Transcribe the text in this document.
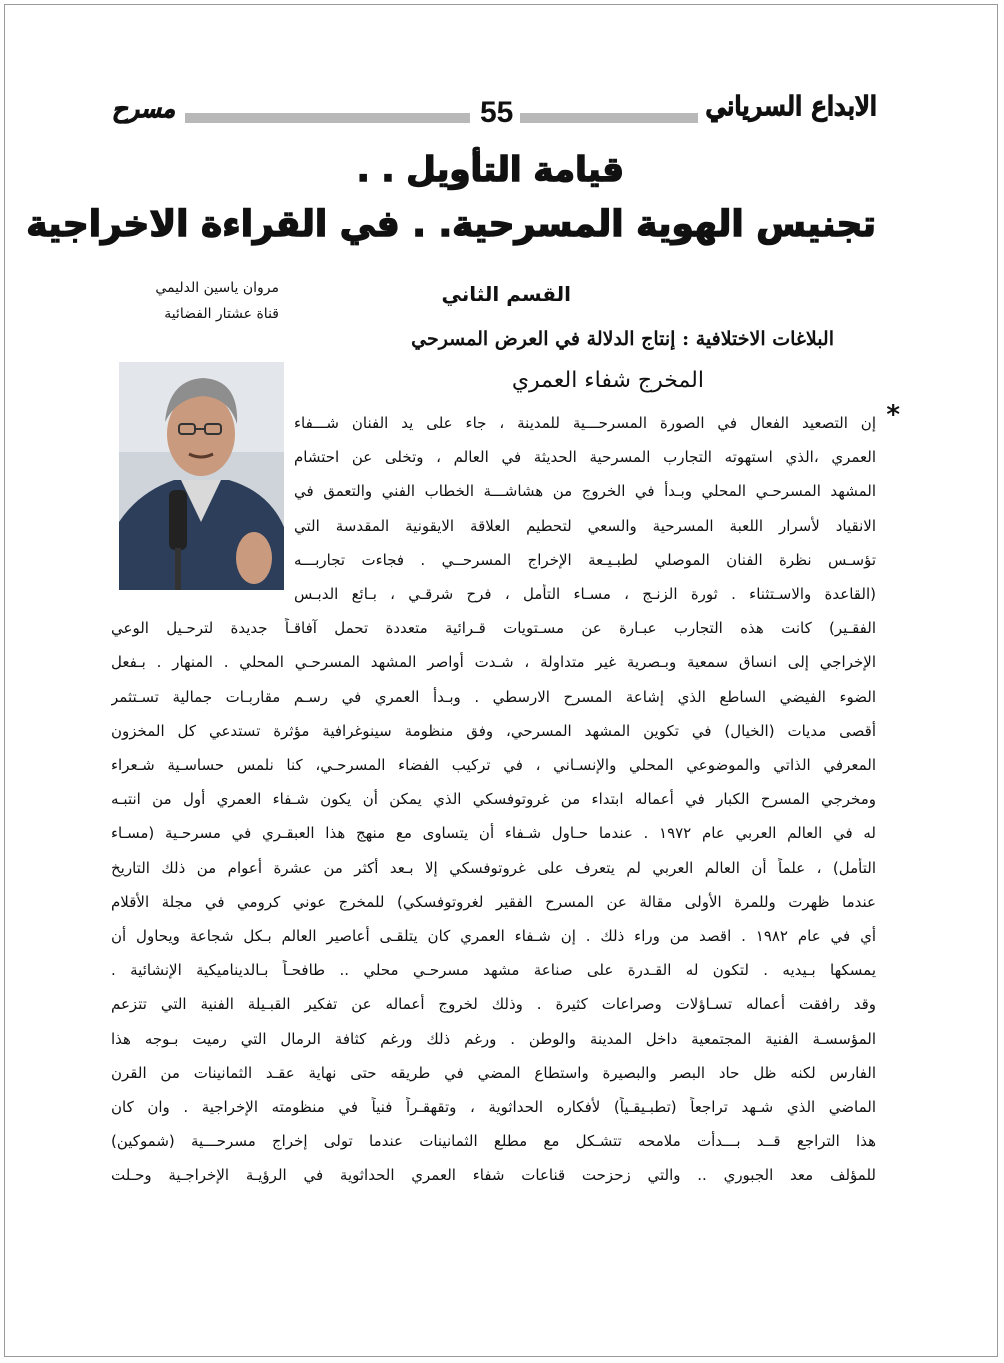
الابداع السرياني
55
مسرح
قيامة التأويل . .
تجنيس الهوية المسرحية. . في القراءة الاخراجية
مروان ياسين الدليمي
قناة عشتار الفضائية
القسم الثاني
البلاغات الاختلافية : إنتاج الدلالة في العرض المسرحي
المخرج شفاء العمري
*
إن التصعيد الفعال في الصورة المسرحـــية للمدينة ، جاء على يد الفنان شـــفاء
العمري ،الذي استهوته التجارب المسرحية الحديثة في العالم ، وتخلى عن احتشام
المشهد المسرحـي المحلي وبـدأ في الخروج من هشاشـــة الخطاب الفني والتعمق في
الانقياد لأسرار اللعبة المسرحية والسعي لتحطيم العلاقة الايقونية المقدسة التي
تؤسـس نظرة الفنان الموصلي لطبـيـعة الإخراج المسرحــي . فجاءت تجاربـــه
(القاعدة والاسـتثناء . ثورة الزنـج ، مسـاء التأمل ، فرح شرقـي ، بـائع الدبـس
الفقـير) كانت هذه التجارب عبـارة عن مسـتويات قـرائية متعددة تحمل آفاقـاً جديدة لترحـيل الوعي
الإخراجي إلى انساق سمعية وبـصرية غير متداولة ، شـدت أواصر المشهد المسرحـي المحلي . المنهار . بـفعل
الضوء الفيضي الساطع الذي إشاعة المسرح الارسطي . وبـدأ العمري في رسـم مقاربـات جمالية تسـتثمر
أقصى مديات (الخيال) في تكوين المشهد المسرحي، وفق منظومة سينوغرافية مؤثرة تستدعي كل المخزون
المعرفي الذاتي والموضوعي المحلي والإنسـاني ، في تركيب الفضاء المسرحـي، كنا نلمس حساسـية شـعراء
ومخرجي المسرح الكبار في أعماله ابتداء من غروتوفسكي الذي يمكن أن يكون شـفاء العمري أول من انتبـه
له في العالم العربي عام ١٩٧٢ . عندما حـاول شـفاء أن يتساوى مع منهج هذا العبقـري في مسرحـية (مسـاء
التأمل) ، علماً أن العالم العربي لم يتعرف على غروتوفسكي إلا بـعد أكثر من عشرة أعوام من ذلك التاريخ
عندما ظهرت وللمرة الأولى مقالة عن المسرح الفقير لغروتوفسكي) للمخرج عوني كرومي في مجلة الأقلام
أي في عام ١٩٨٢ . اقصد من وراء ذلك . إن شـفاء العمري كان يتلقـى أعاصير العالم بـكل شجاعة ويحاول أن
يمسكها بـيديه . لتكون له القـدرة على صناعة مشهد مسرحـي محلي .. طافحـاً بـالديناميكية الإنشائية .
وقد رافقت أعماله تسـاؤلات وصراعات كثيرة . وذلك لخروج أعماله عن تفكير القبـيلة الفنية التي تتزعم
المؤسسـة الفنية المجتمعية داخل المدينة والوطن . ورغم ذلك ورغم كثافة الرمال التي رميت بـوجه هذا
الفارس لكنه ظل حاد البصر والبصيرة واستطاع المضي في طريقه حتى نهاية عقـد الثمانينات من القرن
الماضي الذي شـهد تراجعاً (تطبـيقـياً) لأفكاره الحداثوية ، وتقهقـراً فنياً في منظومته الإخراجية . وان كان
هذا التراجع قــد بـــدأت ملامحه تتشـكل مع مطلع الثمانينات عندما تولى إخراج مسرحـــية (شموكين)
للمؤلف معد الجبوري .. والتي زحزحت قناعات شفاء العمري الحداثوية في الرؤيـة الإخراجـية وحـلت
